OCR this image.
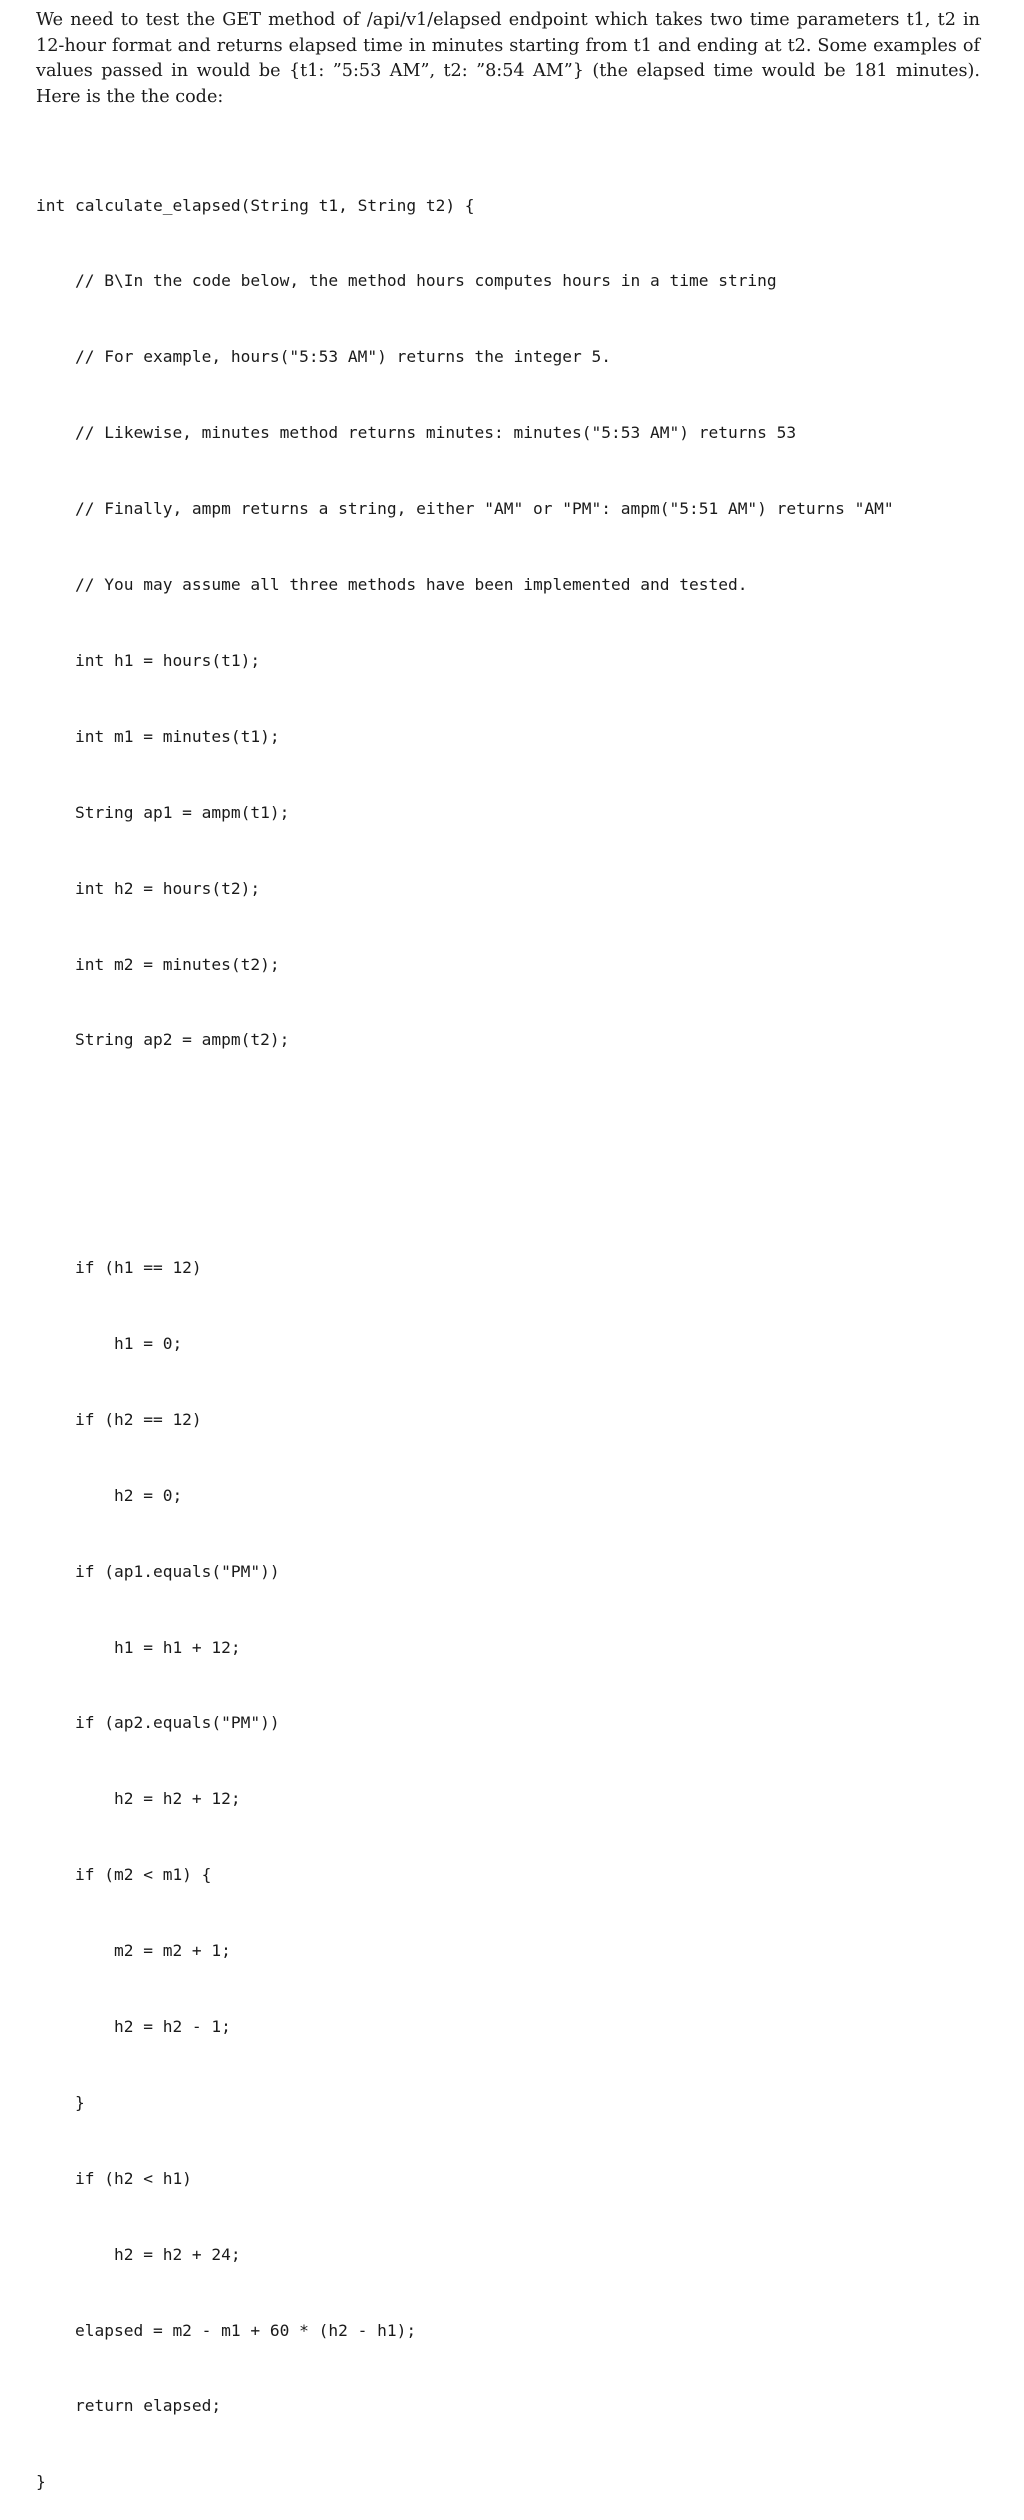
We need to test the GET method of /api/v1/elapsed endpoint which takes two time parameters t1, t2 in 12-hour format and returns elapsed time in minutes starting from t1 and ending at t2. Some examples of values passed in would be {t1: ”5:53 AM”, t2: ”8:54 AM”} (the elapsed time would be 181 minutes). Here is the the code:

int calculate_elapsed(String t1, String t2) {

// B\In the code below, the method hours computes hours in a time string

// For example, hours("5:53 AM") returns the integer 5.

// Likewise, minutes method returns minutes: minutes("5:53 AM") returns 53

// Finally, ampm returns a string, either "AM" or "PM": ampm("5:51 AM") returns "AM"

// You may assume all three methods have been implemented and tested.

int h1 = hours(t1);

int m1 = minutes(t1);

String ap1 = ampm(t1);

int h2 = hours(t2);

int m2 = minutes(t2);

String ap2 = ampm(t2);

if (h1 == 12)

h1 = 0;

if (h2 == 12)

h2 = 0;

if (ap1.equals("PM"))

h1 = h1 + 12;

if (ap2.equals("PM"))

h2 = h2 + 12;

if (m2 < m1) {

m2 = m2 + 1;

h2 = h2 - 1;

}

if (h2 < h1)

h2 = h2 + 24;

elapsed = m2 - m1 + 60 * (h2 - h1);

return elapsed;

}
